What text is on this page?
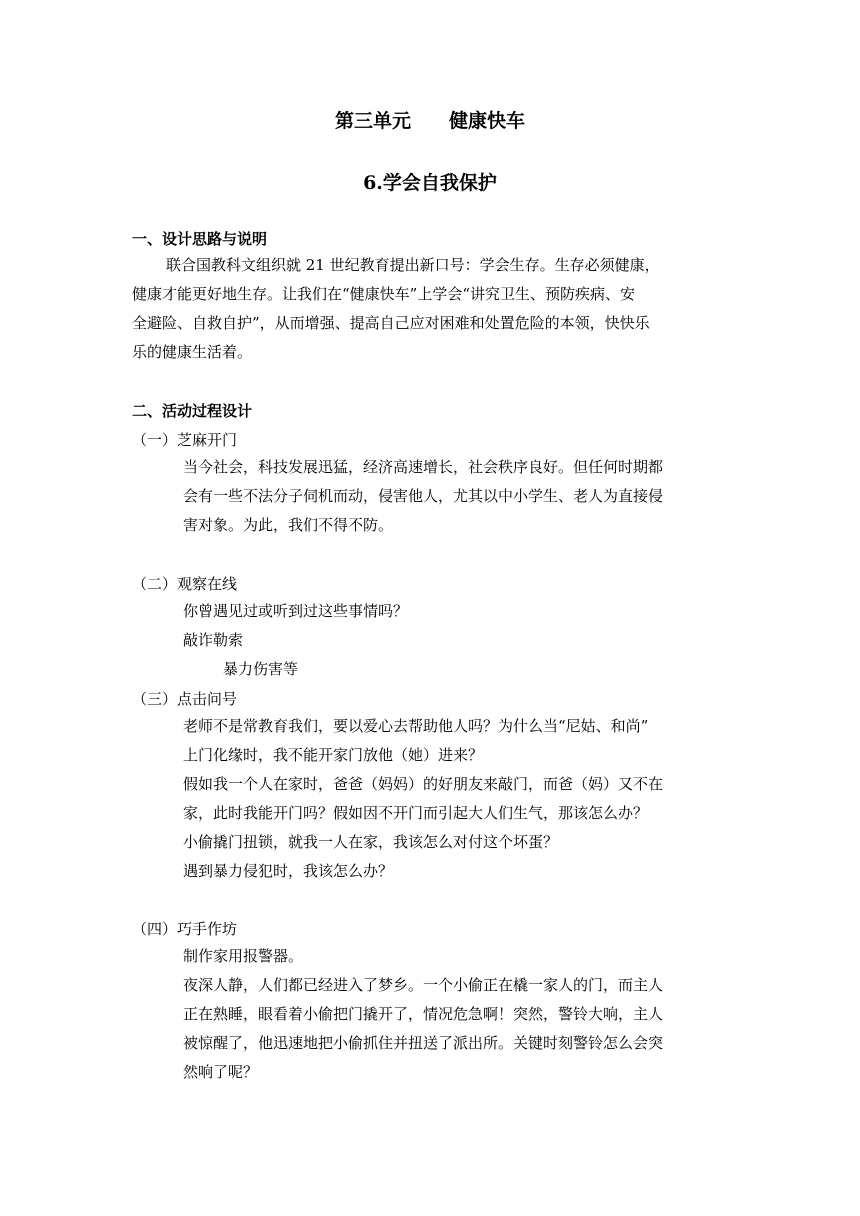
第三单元 健康快车
6.学会自我保护
一、设计思路与说明
联合国教科文组织就 21 世纪教育提出新口号：学会生存。生存必须健康，
健康才能更好地生存。让我们在“健康快车”上学会“讲究卫生、预防疾病、安
全避险、自救自护”，从而增强、提高自己应对困难和处置危险的本领，快快乐
乐的健康生活着。
二、活动过程设计
（一）芝麻开门
当今社会，科技发展迅猛，经济高速增长，社会秩序良好。但任何时期都
会有一些不法分子伺机而动，侵害他人，尤其以中小学生、老人为直接侵
害对象。为此，我们不得不防。
（二）观察在线
你曾遇见过或听到过这些事情吗？
敲诈勒索
暴力伤害等
（三）点击问号
老师不是常教育我们，要以爱心去帮助他人吗？为什么当“尼姑、和尚”
上门化缘时，我不能开家门放他（她）进来？
假如我一个人在家时，爸爸（妈妈）的好朋友来敲门，而爸（妈）又不在
家，此时我能开门吗？假如因不开门而引起大人们生气，那该怎么办？
小偷撬门扭锁，就我一人在家，我该怎么对付这个坏蛋？
遇到暴力侵犯时，我该怎么办？
（四）巧手作坊
制作家用报警器。
夜深人静，人们都已经进入了梦乡。一个小偷正在橇一家人的门，而主人
正在熟睡，眼看着小偷把门撬开了，情况危急啊！突然，警铃大响，主人
被惊醒了，他迅速地把小偷抓住并扭送了派出所。关键时刻警铃怎么会突
然响了呢？
